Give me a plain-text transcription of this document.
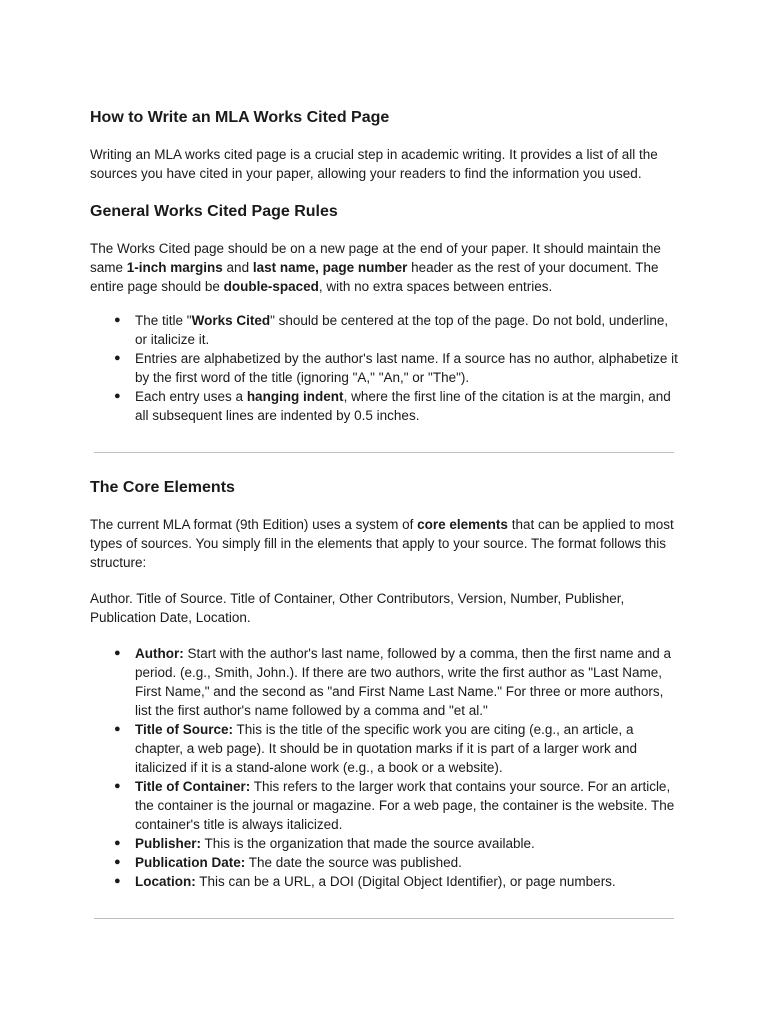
How to Write an MLA Works Cited Page

Writing an MLA works cited page is a crucial step in academic writing. It provides a list of all the sources you have cited in your paper, allowing your readers to find the information you used.

General Works Cited Page Rules

The Works Cited page should be on a new page at the end of your paper. It should maintain the same 1-inch margins and last name, page number header as the rest of your document. The entire page should be double-spaced, with no extra spaces between entries.

● The title "Works Cited" should be centered at the top of the page. Do not bold, underline, or italicize it.
● Entries are alphabetized by the author's last name. If a source has no author, alphabetize it by the first word of the title (ignoring "A," "An," or "The").
● Each entry uses a hanging indent, where the first line of the citation is at the margin, and all subsequent lines are indented by 0.5 inches.
The Core Elements

The current MLA format (9th Edition) uses a system of core elements that can be applied to most types of sources. You simply fill in the elements that apply to your source. The format follows this structure:

Author. Title of Source. Title of Container, Other Contributors, Version, Number, Publisher, Publication Date, Location.

● Author: Start with the author's last name, followed by a comma, then the first name and a period. (e.g., Smith, John.). If there are two authors, write the first author as "Last Name, First Name," and the second as "and First Name Last Name." For three or more authors, list the first author's name followed by a comma and "et al."
● Title of Source: This is the title of the specific work you are citing (e.g., an article, a chapter, a web page). It should be in quotation marks if it is part of a larger work and italicized if it is a stand-alone work (e.g., a book or a website).
● Title of Container: This refers to the larger work that contains your source. For an article, the container is the journal or magazine. For a web page, the container is the website. The container's title is always italicized.
● Publisher: This is the organization that made the source available.
● Publication Date: The date the source was published.
● Location: This can be a URL, a DOI (Digital Object Identifier), or page numbers.
